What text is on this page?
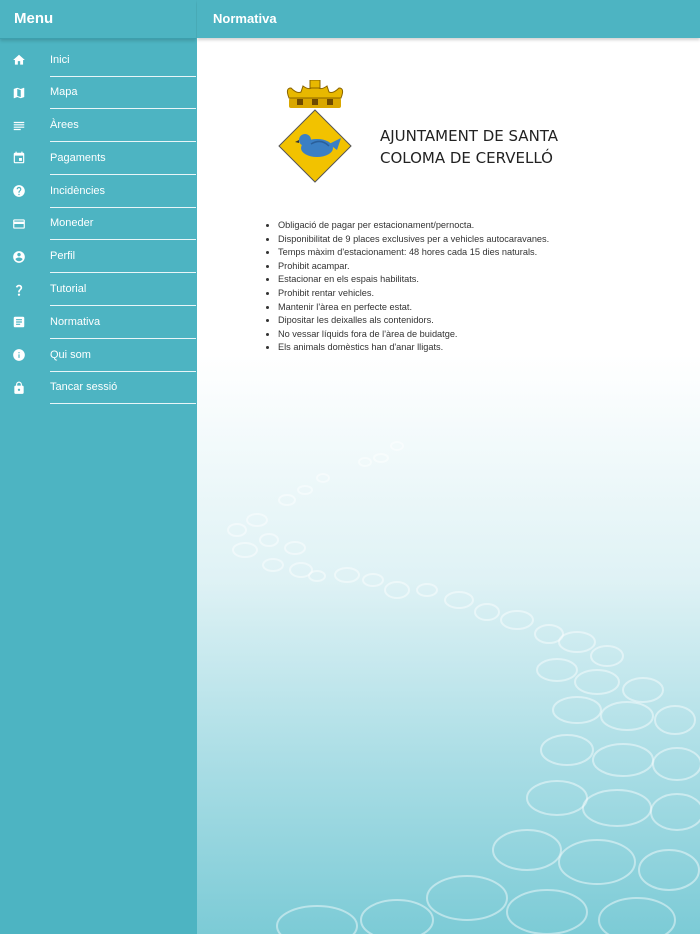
Menu
Inici
Mapa
Àrees
Pagaments
Incidències
Moneder
Perfil
Tutorial
Normativa
Qui som
Tancar sessió
Normativa
AJUNTAMENT DE SANTA
COLOMA DE CERVELLÓ
• Obligació de pagar per estacionament/pernocta.
• Disponibilitat de 9 places exclusives per a vehicles autocaravanes.
• Temps màxim d'estacionament: 48 hores cada 15 dies naturals.
• Prohibit acampar.
• Estacionar en els espais habilitats.
• Prohibit rentar vehicles.
• Mantenir l'àrea en perfecte estat.
• Dipositar les deixalles als contenidors.
• No vessar líquids fora de l'àrea de buidatge.
• Els animals domèstics han d'anar lligats.
